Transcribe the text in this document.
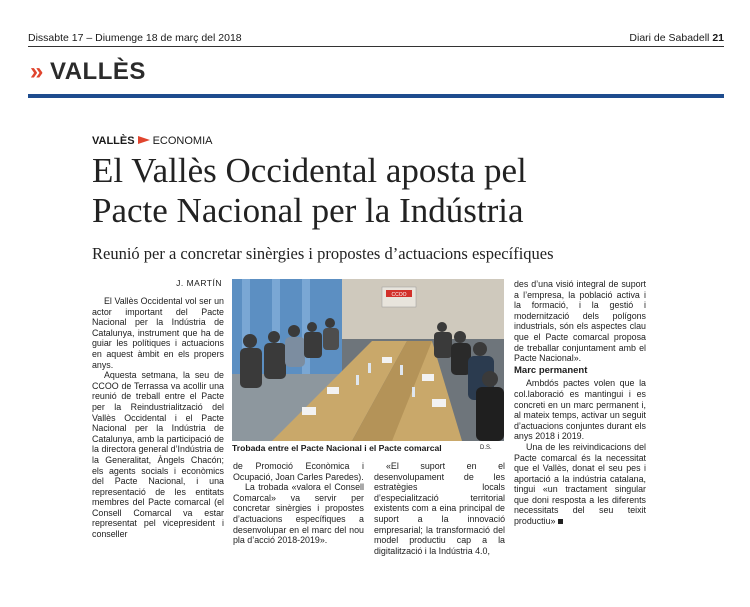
Dissabte 17 – Diumenge 18 de març del 2018	Diari de Sabadell 21
» VALLÈS
VALLÈS ECONOMIA
El Vallès Occidental aposta pel
Pacte Nacional per la Indústria
Reunió per a concretar sinèrgies i propostes d’actuacions específiques
J. MARTÍN

El Vallès Occidental vol ser un actor important del Pacte Nacional per la Indústria de Catalunya, instrument que ha de guiar les polítiques i actuacions en aquest àmbit en els propers anys.

Aquesta setmana, la seu de CCOO de Terrassa va acollir una reunió de treball entre el Pacte per la Reindustrialització del Vallès Occidental i el Pacte Nacional per la Indústria de Catalunya, amb la participació de la directora general d’Indústria de la Generalitat, Àngels Chacón; els agents socials i econòmics del Pacte Nacional, i una representació de les entitats membres del Pacte comarcal (el Consell Comarcal va estar representat pel vicepresident i conseller

CCOO
Trobada entre el Pacte Nacional i el Pacte comarcal	D.S.

de Promoció Econòmica i Ocupació, Joan Carles Paredes).

La trobada «valora el Consell Comarcal» va servir per concretar sinèrgies i propostes d’actuacions específiques a desenvolupar en el marc del nou pla d’acció 2018-2019».

«El suport en el desenvolupament de les estratègies locals d’especialització territorial existents com a eina principal de suport a la innovació empresarial; la transformació del model productiu cap a la digitalització i la Indústria 4.0,

des d’una visió integral de suport a l’empresa, la població activa i la formació, i la gestió i modernització dels polígons industrials, són els aspectes clau que el Pacte comarcal proposa de treballar conjuntament amb el Pacte Nacional».

Marc permanent

Ambdós pactes volen que la col.laboració es mantingui i es concreti en un marc permanent i, al mateix temps, activar un seguit d’actuacions conjuntes durant els anys 2018 i 2019.

Una de les reivindicacions del Pacte comarcal és la necessitat que el Vallès, donat el seu pes i aportació a la indústria catalana, tingui «un tractament singular que doni resposta a les diferents necessitats del seu teixit productiu»
